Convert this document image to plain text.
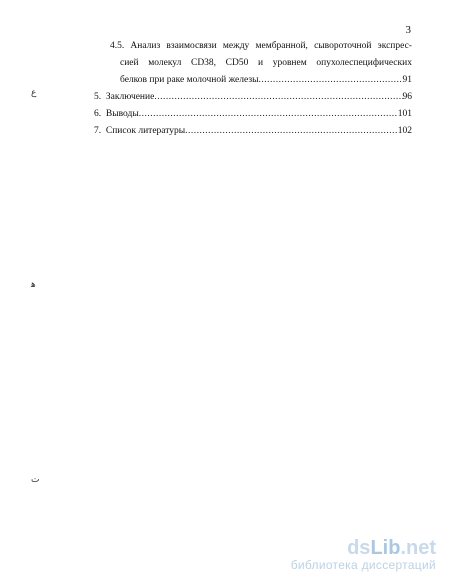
3
4.5. Анализ взаимосвязи между мембранной, сывороточной экспрес-
сией молекул CD38, CD50 и уровнем опухолеспецифических
белков при раке молочной железы .....	91
5.  Заключение .....	96
6.  Выводы .....	101
7.  Список литературы .....	102
ع
ﻫ
ﺕ
dsLib.net
библиотека диссертаций
